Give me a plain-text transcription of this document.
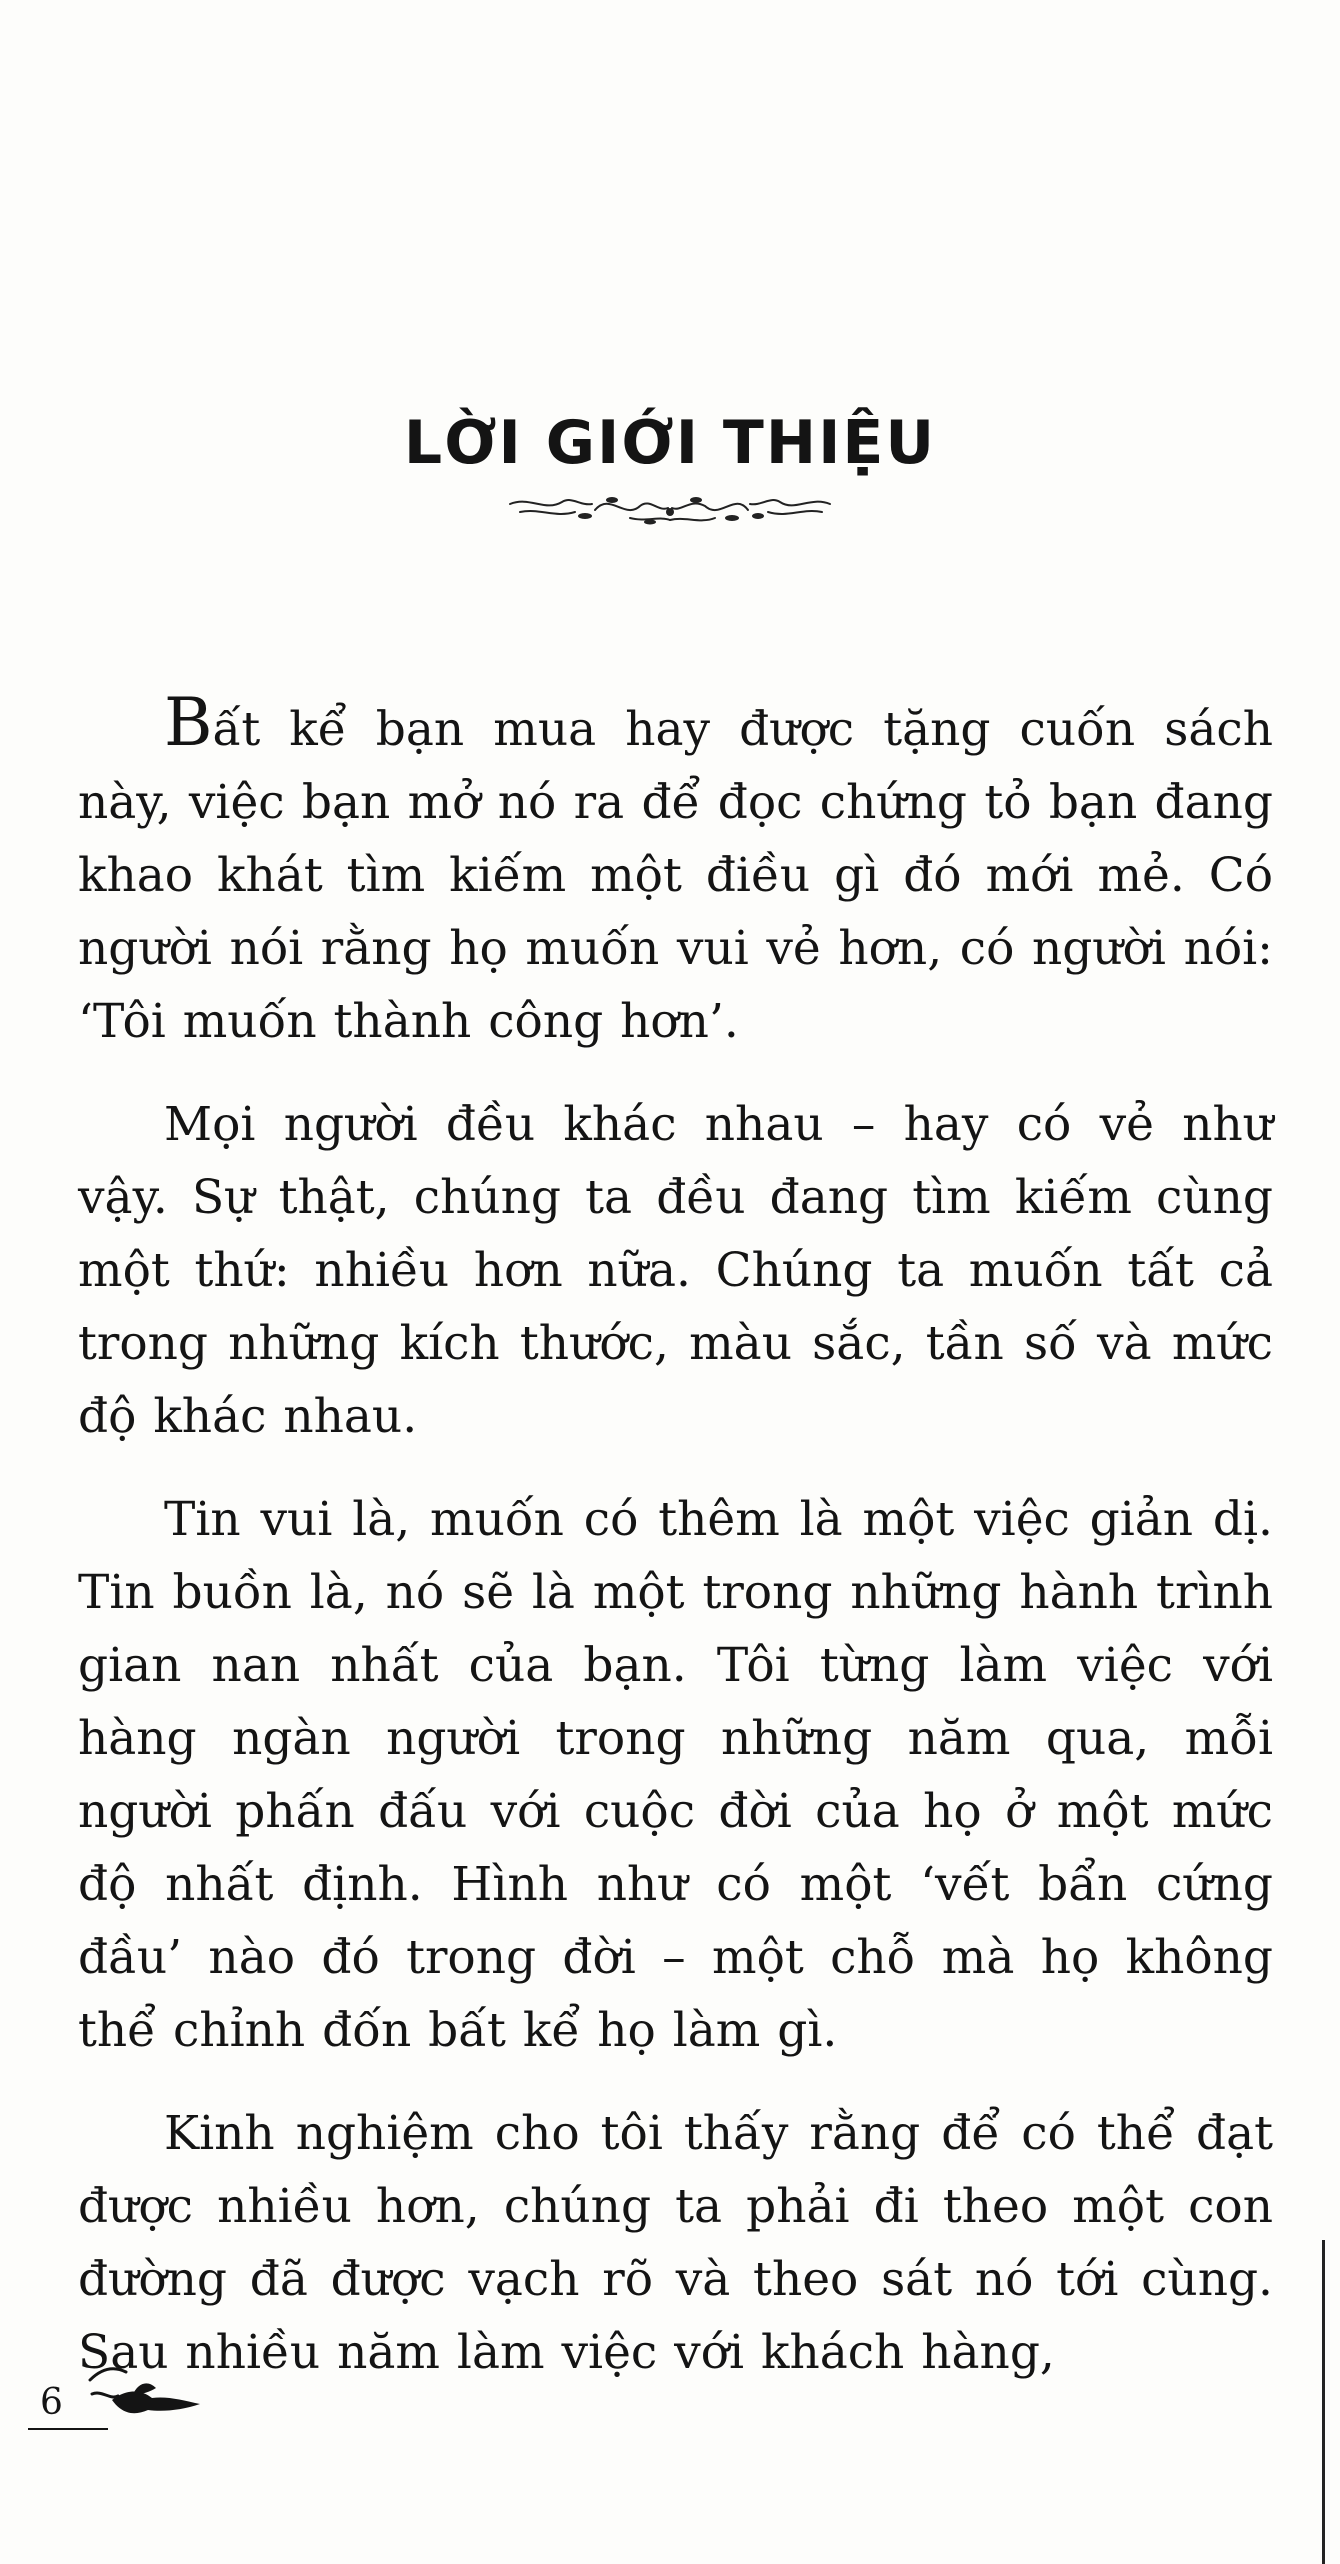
LỜI GIỚI THIỆU

Bất kể bạn mua hay được tặng cuốn sách này, việc bạn mở nó ra để đọc chứng tỏ bạn đang khao khát tìm kiếm một điều gì đó mới mẻ. Có người nói rằng họ muốn vui vẻ hơn, có người nói: ‘Tôi muốn thành công hơn’.

Mọi người đều khác nhau – hay có vẻ như vậy. Sự thật, chúng ta đều đang tìm kiếm cùng một thứ: nhiều hơn nữa. Chúng ta muốn tất cả trong những kích thước, màu sắc, tần số và mức độ khác nhau.

Tin vui là, muốn có thêm là một việc giản dị. Tin buồn là, nó sẽ là một trong những hành trình gian nan nhất của bạn. Tôi từng làm việc với hàng ngàn người trong những năm qua, mỗi người phấn đấu với cuộc đời của họ ở một mức độ nhất định. Hình như có một ‘vết bẩn cứng đầu’ nào đó trong đời – một chỗ mà họ không thể chỉnh đốn bất kể họ làm gì.

Kinh nghiệm cho tôi thấy rằng để có thể đạt được nhiều hơn, chúng ta phải đi theo một con đường đã được vạch rõ và theo sát nó tới cùng. Sau nhiều năm làm việc với khách hàng,

6
